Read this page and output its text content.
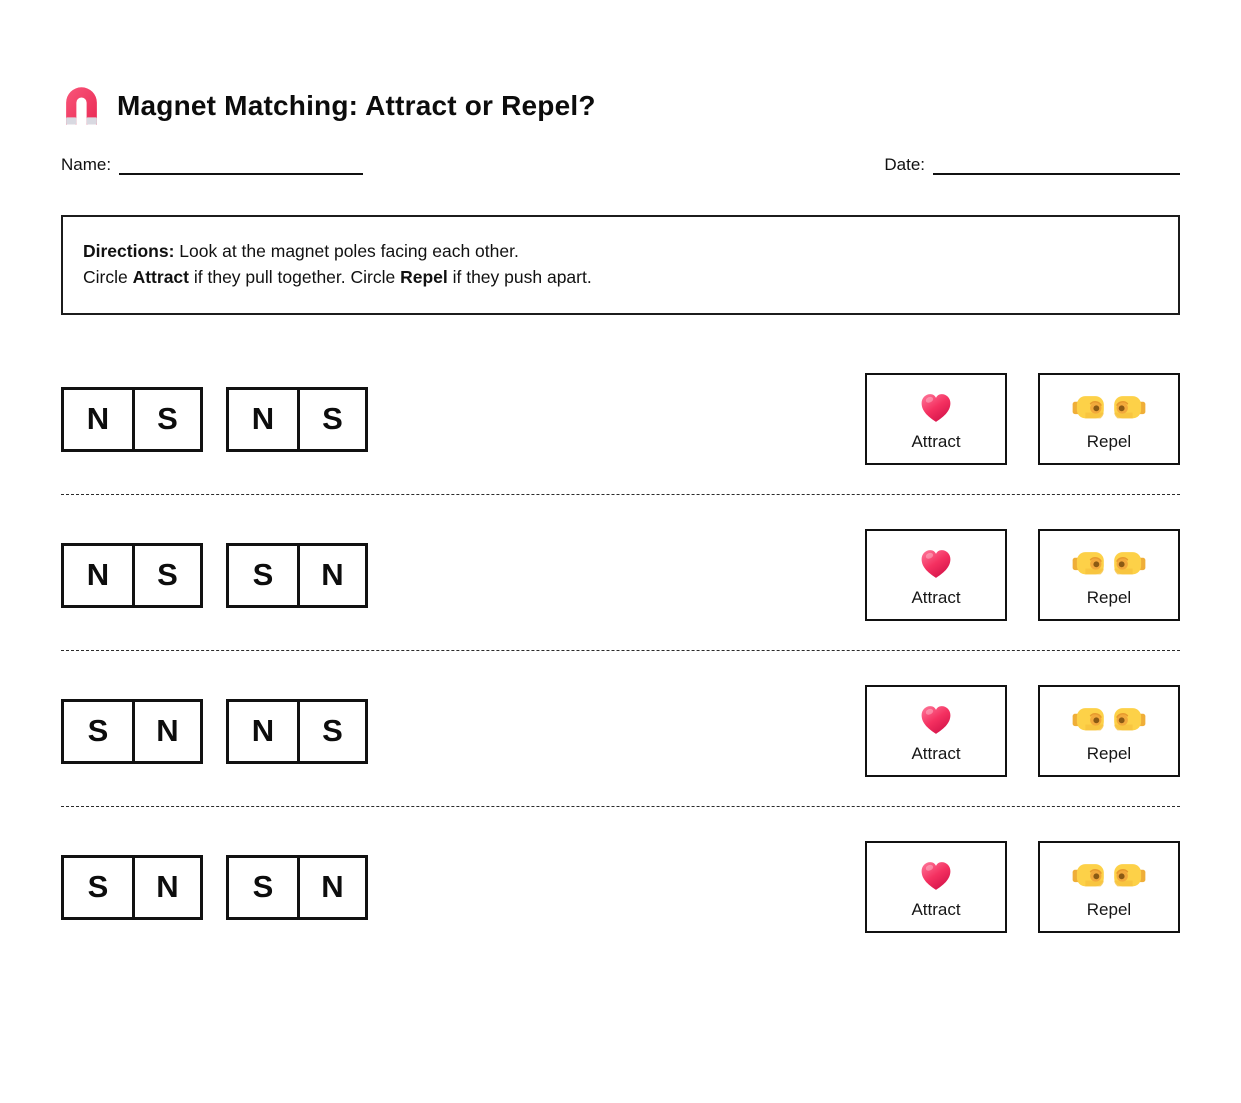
Magnet Matching: Attract or Repel?
Name:	Date:

Directions: Look at the magnet poles facing each other.

Circle Attract if they pull together. Circle Repel if they push apart.

N	S	N	S
Attract	Repel
N	S	S	N
Attract	Repel
S	N	N	S
Attract	Repel
S	N	S	N
Attract	Repel
